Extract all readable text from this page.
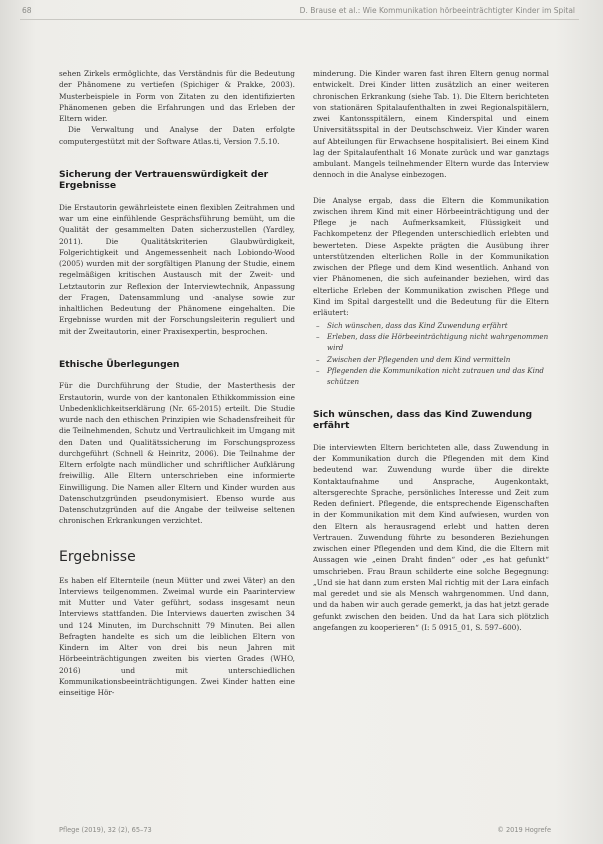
68	D. Brause et al.: Wie Kommunikation hörbeeinträchtigter Kinder im Spital

sehen Zirkels ermöglichte, das Verständnis für die Bedeutung der Phänomene zu vertiefen (Spichiger & Prakke, 2003). Musterbeispiele in Form von Zitaten zu den identifizierten Phänomenen geben die Erfahrungen und das Erleben der Eltern wider.

Die Verwaltung und Analyse der Daten erfolgte computergestützt mit der Software Atlas.ti, Version 7.5.10.

Sicherung der Vertrauenswürdigkeit der Ergebnisse

Die Erstautorin gewährleistete einen flexiblen Zeitrahmen und war um eine einfühlende Gesprächsführung bemüht, um die Qualität der gesammelten Daten sicherzustellen (Yardley, 2011). Die Qualitätskriterien Glaubwürdigkeit, Folgerichtigkeit und Angemessenheit nach Lobiondo-Wood (2005) wurden mit der sorgfältigen Planung der Studie, einem regelmäßigen kritischen Austausch mit der Zweit- und Letztautorin zur Reflexion der Interviewtechnik, Anpassung der Fragen, Datensammlung und -analyse sowie zur inhaltlichen Bedeutung der Phänomene eingehalten. Die Ergebnisse wurden mit der Forschungsleiterin reguliert und mit der Zweitautorin, einer Praxisexpertin, besprochen.

Ethische Überlegungen

Für die Durchführung der Studie, der Masterthesis der Erstautorin, wurde von der kantonalen Ethikkommission eine Unbedenklichkeitserklärung (Nr. 65-2015) erteilt. Die Studie wurde nach den ethischen Prinzipien wie Schadensfreiheit für die Teilnehmenden, Schutz und Vertraulichkeit im Umgang mit den Daten und Qualitätssicherung im Forschungsprozess durchgeführt (Schnell & Heinritz, 2006). Die Teilnahme der Eltern erfolgte nach mündlicher und schriftlicher Aufklärung freiwillig. Alle Eltern unterschrieben eine informierte Einwilligung. Die Namen aller Eltern und Kinder wurden aus Datenschutzgründen pseudonymisiert. Ebenso wurde aus Datenschutzgründen auf die Angabe der teilweise seltenen chronischen Erkrankungen verzichtet.

Ergebnisse

Es haben elf Elternteile (neun Mütter und zwei Väter) an den Interviews teilgenommen. Zweimal wurde ein Paarinterview mit Mutter und Vater geführt, sodass insgesamt neun Interviews stattfanden. Die Interviews dauerten zwischen 34 und 124 Minuten, im Durchschnitt 79 Minuten. Bei allen Befragten handelte es sich um die leiblichen Eltern von Kindern im Alter von drei bis neun Jahren mit Hörbeeinträchtigungen zweiten bis vierten Grades (WHO, 2016) und mit unterschiedlichen Kommunikationsbeeinträchtigungen. Zwei Kinder hatten eine einseitige Hör-

minderung. Die Kinder waren fast ihren Eltern genug normal entwickelt. Drei Kinder litten zusätzlich an einer weiteren chronischen Erkrankung (siehe Tab. 1). Die Eltern berichteten von stationären Spitalaufenthalten in zwei Regionalspitälern, zwei Kantonsspitälern, einem Kinderspital und einem Universitätsspital in der Deutschschweiz. Vier Kinder waren auf Abteilungen für Erwachsene hospitalisiert. Bei einem Kind lag der Spitalaufenthalt 16 Monate zurück und war ganztags ambulant. Mangels teilnehmender Eltern wurde das Interview dennoch in die Analyse einbezogen.

Die Analyse ergab, dass die Eltern die Kommunikation zwischen ihrem Kind mit einer Hörbeeinträchtigung und der Pflege je nach Aufmerksamkeit, Flüssigkeit und Fachkompetenz der Pflegenden unterschiedlich erlebten und bewerteten. Diese Aspekte prägten die Ausübung ihrer unterstützenden elterlichen Rolle in der Kommunikation zwischen der Pflege und dem Kind wesentlich. Anhand von vier Phänomenen, die sich aufeinander beziehen, wird das elterliche Erleben der Kommunikation zwischen Pflege und Kind im Spital dargestellt und die Bedeutung für die Eltern erläutert:

– Sich wünschen, dass das Kind Zuwendung erfährt
– Erleben, dass die Hörbeeinträchtigung nicht wahrgenommen wird
– Zwischen der Pflegenden und dem Kind vermitteln
– Pflegenden die Kommunikation nicht zutrauen und das Kind schützen
Sich wünschen, dass das Kind Zuwendung erfährt

Die interviewten Eltern berichteten alle, dass Zuwendung in der Kommunikation durch die Pflegenden mit dem Kind bedeutend war. Zuwendung wurde über die direkte Kontaktaufnahme und Ansprache, Augenkontakt, altersgerechte Sprache, persönliches Interesse und Zeit zum Reden definiert. Pflegende, die entsprechende Eigenschaften in der Kommunikation mit dem Kind aufwiesen, wurden von den Eltern als herausragend erlebt und hatten deren Vertrauen. Zuwendung führte zu besonderen Beziehungen zwischen einer Pflegenden und dem Kind, die die Eltern mit Aussagen wie „einen Draht finden“ oder „es hat gefunkt“ umschrieben. Frau Braun schilderte eine solche Begegnung: „Und sie hat dann zum ersten Mal richtig mit der Lara einfach mal geredet und sie als Mensch wahrgenommen. Und dann, und da haben wir auch gerade gemerkt, ja das hat jetzt gerade gefunkt zwischen den beiden. Und da hat Lara sich plötzlich angefangen zu kooperieren“ (I: 5 0915_01, S. 597–600).

Pflege (2019), 32 (2), 65–73	© 2019 Hogrefe
